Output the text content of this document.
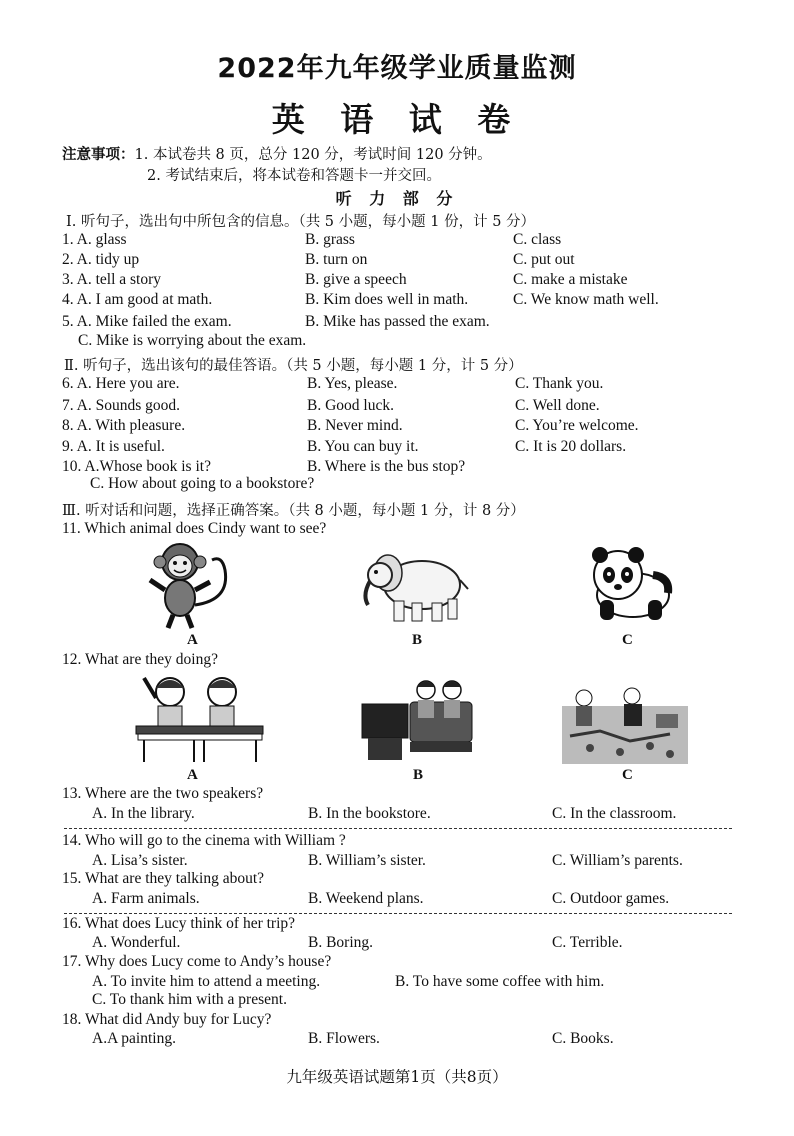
2022年九年级学业质量监测
英 语 试 卷
注意事项：1. 本试卷共 8 页，总分 120 分，考试时间 120 分钟。
2. 考试结束后，将本试卷和答题卡一并交回。
听 力 部 分
Ⅰ. 听句子，选出句中所包含的信息。（共 5 小题，每小题 1 份，计 5 分）
1. A. glass	B. grass	C. class
2. A. tidy up	B. turn on	C. put out
3. A. tell a story	B. give a speech	C. make a mistake
4. A. I am good at math.	B. Kim does well in math.	C. We know math well.
5. A. Mike failed the exam.	B. Mike has passed the exam.
C. Mike is worrying about the exam.
Ⅱ. 听句子，选出该句的最佳答语。（共 5 小题，每小题 1 分，计 5 分）
6. A. Here you are.	B. Yes, please.	C. Thank you.
7. A. Sounds good.	B. Good luck.	C. Well done.
8. A. With pleasure.	B. Never mind.	C. You’re welcome.
9. A. It is useful.	B. You can buy it.	C. It is 20 dollars.
10. A.Whose book is it?	B. Where is the bus stop?
C. How about going to a bookstore?
Ⅲ. 听对话和问题，选择正确答案。（共 8 小题，每小题 1 分，计 8 分）
11. Which animal does Cindy want to see?
A	B	C
12. What are they doing?
A	B	C
13. Where are the two speakers?
A. In the library.	B. In the bookstore.	C. In the classroom.
14. Who will go to the cinema with William ?
A. Lisa’s sister.	B. William’s sister.	C. William’s parents.
15. What are they talking about?
A. Farm animals.	B. Weekend plans.	C. Outdoor games.
16. What does Lucy think of her trip?
A. Wonderful.	B. Boring.	C. Terrible.
17. Why does Lucy come to Andy’s house?
A. To invite him to attend a meeting.	B. To have some coffee with him.
C. To thank him with a present.
18. What did Andy buy for Lucy?
A.A painting.	B. Flowers.	C. Books.
九年级英语试题第1页（共8页）
